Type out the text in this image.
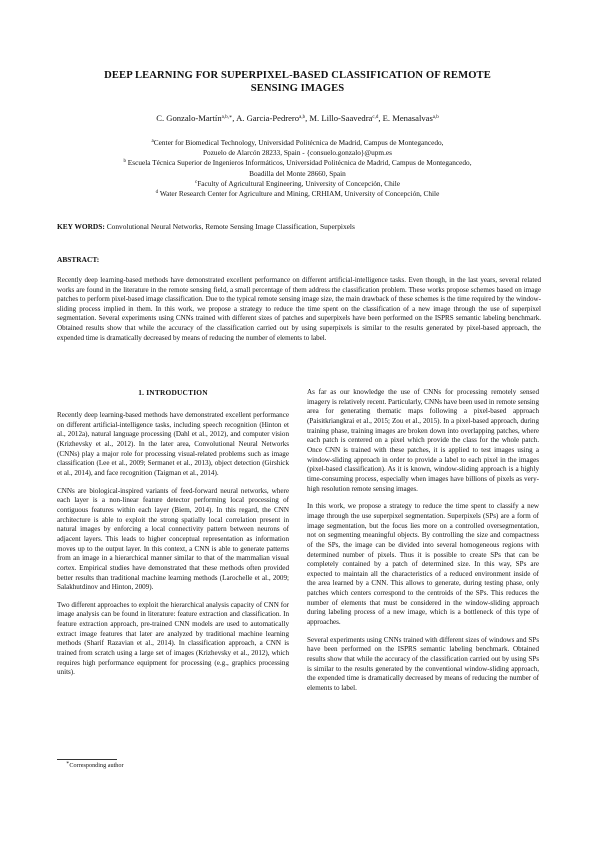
DEEP LEARNING FOR SUPERPIXEL-BASED CLASSIFICATION OF REMOTE
SENSING IMAGES
C. Gonzalo-Martín$^{a,b,∗}$, A. Garcia-Pedrero$^{a,b}$, M. Lillo-Saavedra$^{c,d}$, E. Menasalvas$^{a,b}$
$^a$Center for Biomedical Technology, Universidad Politécnica de Madrid, Campus de Montegancedo,
Pozuelo de Alarcón 28233, Spain - {consuelo.gonzalo}@upm.es
$^b$ Escuela Técnica Superior de Ingenieros Informáticos, Universidad Politécnica de Madrid, Campus de Montegancedo,
Boadilla del Monte 28660, Spain
$^c$Faculty of Agricultural Engineering, University of Concepción, Chile
$^d$ Water Research Center for Agriculture and Mining, CRHIAM, University of Concepción, Chile
KEY WORDS: Convolutional Neural Networks, Remote Sensing Image Classification, Superpixels
ABSTRACT:
Recently deep learning-based methods have demonstrated excellent performance on different artificial-intelligence tasks. Even though, in the last years, several related works are found in the literature in the remote sensing field, a small percentage of them address the classification problem. These works propose schemes based on image patches to perform pixel-based image classification. Due to the typical remote sensing image size, the main drawback of these schemes is the time required by the window-sliding process implied in them. In this work, we propose a strategy to reduce the time spent on the classification of a new image through the use of superpixel segmentation. Several experiments using CNNs trained with different sizes of patches and superpixels have been performed on the ISPRS semantic labeling benchmark. Obtained results show that while the accuracy of the classification carried out by using superpixels is similar to the results generated by pixel-based approach, the expended time is dramatically decreased by means of reducing the number of elements to label.
1. INTRODUCTION

Recently deep learning-based methods have demonstrated excellent performance on different artificial-intelligence tasks, including speech recognition (Hinton et al., 2012a), natural language processing (Dahl et al., 2012), and computer vision (Krizhevsky et al., 2012). In the later area, Convolutional Neural Networks (CNNs) play a major role for processing visual-related problems such as image classification (Lee et al., 2009; Sermanet et al., 2013), object detection (Girshick et al., 2014), and face recognition (Taigman et al., 2014).

CNNs are biological-inspired variants of feed-forward neural networks, where each layer is a non-linear feature detector performing local processing of contiguous features within each layer (Biem, 2014). In this regard, the CNN architecture is able to exploit the strong spatially local correlation present in natural images by enforcing a local connectivity pattern between neurons of adjacent layers. This leads to higher conceptual representation as information moves up to the output layer. In this context, a CNN is able to generate patterns from an image in a hierarchical manner similar to that of the mammalian visual cortex. Empirical studies have demonstrated that these methods often provided better results than traditional machine learning methods (Larochelle et al., 2009; Salakhutdinov and Hinton, 2009).

Two different approaches to exploit the hierarchical analysis capacity of CNN for image analysis can be found in literature: feature extraction and classification. In feature extraction approach, pre-trained CNN models are used to automatically extract image features that later are analyzed by traditional machine learning methods (Sharif Razavian et al., 2014). In classification approach, a CNN is trained from scratch using a large set of images (Krizhevsky et al., 2012), which requires high performance equipment for processing (e.g., graphics processing units).

As far as our knowledge the use of CNNs for processing remotely sensed imagery is relatively recent. Particularly, CNNs have been used in remote sensing area for generating thematic maps following a pixel-based approach (Paisitkriangkrai et al., 2015; Zou et al., 2015). In a pixel-based approach, during training phase, training images are broken down into overlapping patches, where each patch is centered on a pixel which provide the class for the whole patch. Once CNN is trained with these patches, it is applied to test images using a window-sliding approach in order to provide a label to each pixel in the images (pixel-based classification). As it is known, window-sliding approach is a highly time-consuming process, especially when images have billions of pixels as very-high resolution remote sensing images.

In this work, we propose a strategy to reduce the time spent to classify a new image through the use superpixel segmentation. Superpixels (SPs) are a form of image segmentation, but the focus lies more on a controlled oversegmentation, not on segmenting meaningful objects. By controlling the size and compactness of the SPs, the image can be divided into several homogeneous regions with determined number of pixels. Thus it is possible to create SPs that can be completely contained by a patch of determined size. In this way, SPs are expected to maintain all the characteristics of a reduced environment inside of the area learned by a CNN. This allows to generate, during testing phase, only patches which centers correspond to the centroids of the SPs. This reduces the number of elements that must be considered in the window-sliding approach during labeling process of a new image, which is a bottleneck of this type of approaches.

Several experiments using CNNs trained with different sizes of windows and SPs have been performed on the ISPRS semantic labeling benchmark. Obtained results show that while the accuracy of the classification carried out by using SPs is similar to the results generated by the conventional window-sliding approach, the expended time is dramatically decreased by means of reducing the number of elements to label.

∗Corresponding author
